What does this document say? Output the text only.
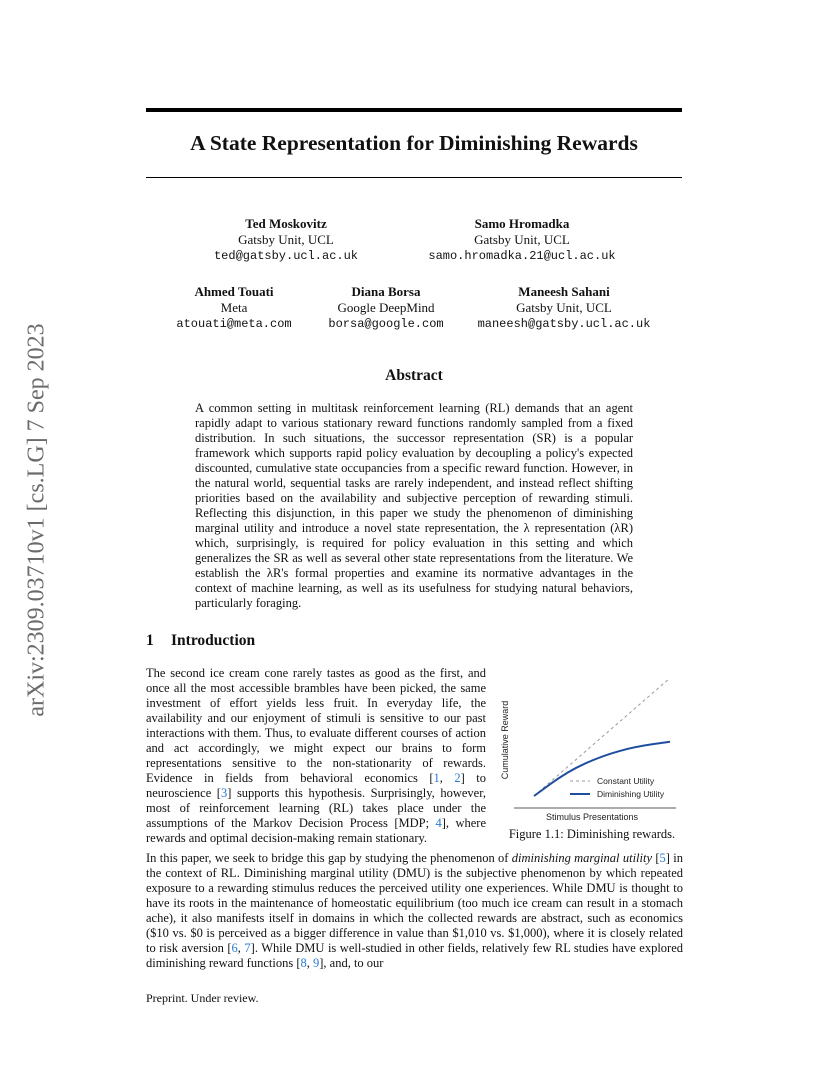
arXiv:2309.03710v1 [cs.LG] 7 Sep 2023
A State Representation for Diminishing Rewards
Ted Moskovitz
Gatsby Unit, UCL
ted@gatsby.ucl.ac.uk
Samo Hromadka
Gatsby Unit, UCL
samo.hromadka.21@ucl.ac.uk
Ahmed Touati
Meta
atouati@meta.com
Diana Borsa
Google DeepMind
borsa@google.com
Maneesh Sahani
Gatsby Unit, UCL
maneesh@gatsby.ucl.ac.uk
Abstract
A common setting in multitask reinforcement learning (RL) demands that an agent rapidly adapt to various stationary reward functions randomly sampled from a fixed distribution. In such situations, the successor representation (SR) is a popular framework which supports rapid policy evaluation by decoupling a policy's expected discounted, cumulative state occupancies from a specific reward function. However, in the natural world, sequential tasks are rarely independent, and instead reflect shifting priorities based on the availability and subjective perception of rewarding stimuli. Reflecting this disjunction, in this paper we study the phenomenon of diminishing marginal utility and introduce a novel state representation, the λ representation (λR) which, surprisingly, is required for policy evaluation in this setting and which generalizes the SR as well as several other state representations from the literature. We establish the λR's formal properties and examine its normative advantages in the context of machine learning, as well as its usefulness for studying natural behaviors, particularly foraging.
1 Introduction
The second ice cream cone rarely tastes as good as the first, and once all the most accessible brambles have been picked, the same investment of effort yields less fruit. In everyday life, the availability and our enjoyment of stimuli is sensitive to our past interactions with them. Thus, to evaluate different courses of action and act accordingly, we might expect our brains to form representations sensitive to the non-stationarity of rewards. Evidence in fields from behavioral economics [1, 2] to neuroscience [3] supports this hypothesis. Surprisingly, however, most of reinforcement learning (RL) takes place under the assumptions of the Markov Decision Process [MDP; 4], where rewards and optimal decision-making remain stationary.
In this paper, we seek to bridge this gap by studying the phenomenon of diminishing marginal utility [5] in the context of RL. Diminishing marginal utility (DMU) is the subjective phenomenon by which repeated exposure to a rewarding stimulus reduces the perceived utility one experiences. While DMU is thought to have its roots in the maintenance of homeostatic equilibrium (too much ice cream can result in a stomach ache), it also manifests itself in domains in which the collected rewards are abstract, such as economics ($10 vs. $0 is perceived as a bigger difference in value than $1,010 vs. $1,000), where it is closely related to risk aversion [6, 7]. While DMU is well-studied in other fields, relatively few RL studies have explored diminishing reward functions [8, 9], and, to our
Cumulative Reward
Stimulus Presentations
Constant Utility
Diminishing Utility
Figure 1.1: Diminishing rewards.
Preprint. Under review.
